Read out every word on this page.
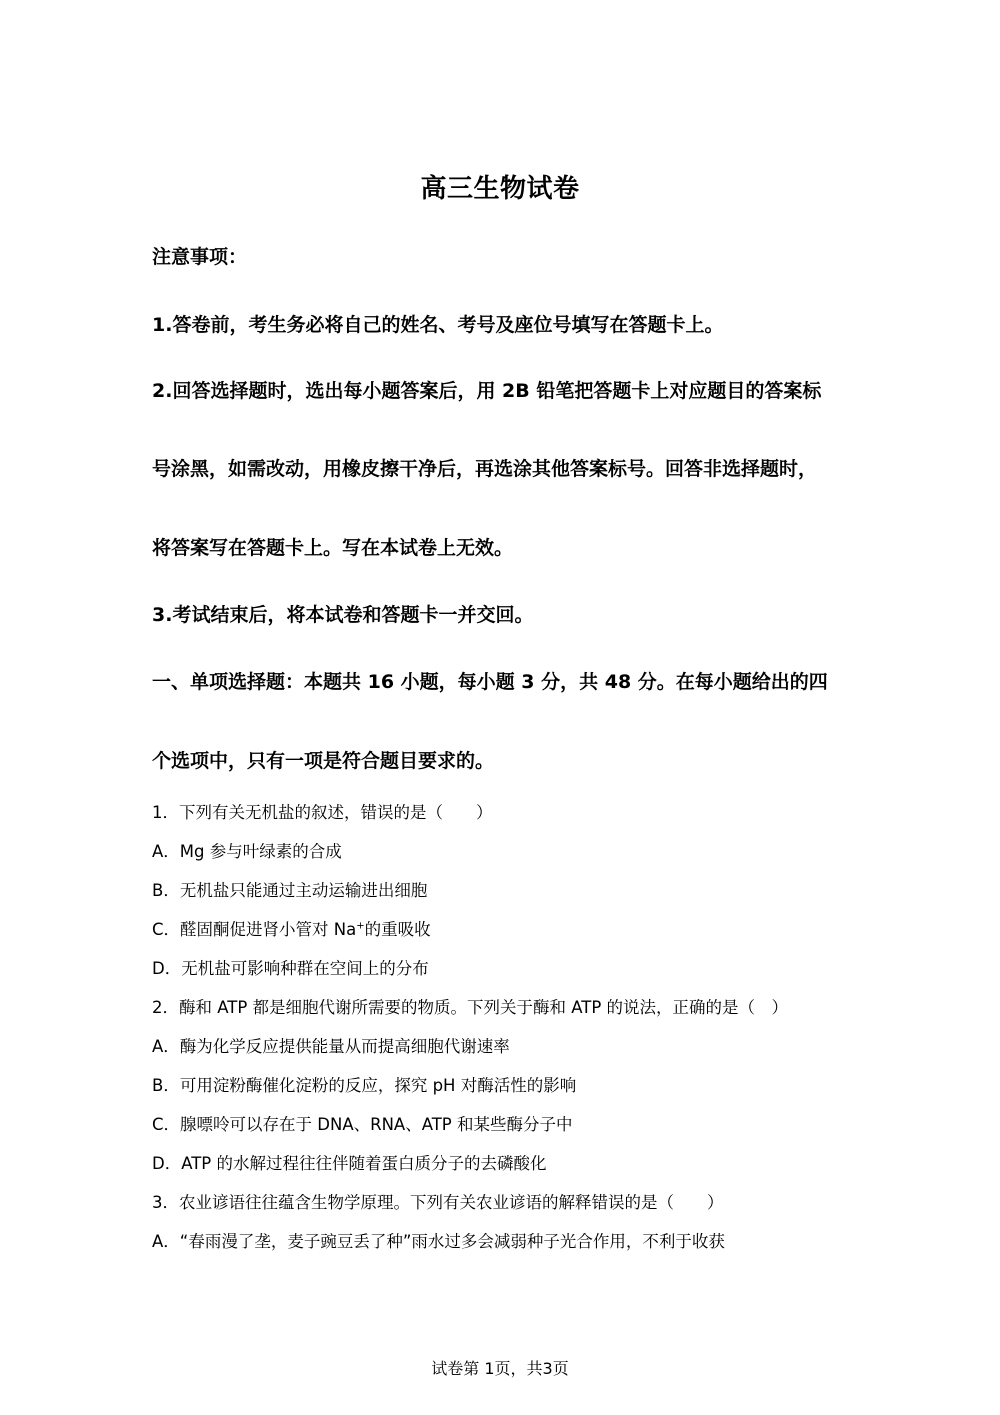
高三生物试卷
注意事项：
1.答卷前，考生务必将自己的姓名、考号及座位号填写在答题卡上。
2.回答选择题时，选出每小题答案后，用 2B 铅笔把答题卡上对应题目的答案标
号涂黑，如需改动，用橡皮擦干净后，再选涂其他答案标号。回答非选择题时，
将答案写在答题卡上。写在本试卷上无效。
3.考试结束后，将本试卷和答题卡一并交回。
一、单项选择题：本题共 16 小题，每小题 3 分，共 48 分。在每小题给出的四
个选项中，只有一项是符合题目要求的。
1．下列有关无机盐的叙述，错误的是（　　）
A．Mg 参与叶绿素的合成
B．无机盐只能通过主动运输进出细胞
C．醛固酮促进肾小管对 Na+的重吸收
D．无机盐可影响种群在空间上的分布
2．酶和 ATP 都是细胞代谢所需要的物质。下列关于酶和 ATP 的说法，正确的是（　）
A．酶为化学反应提供能量从而提高细胞代谢速率
B．可用淀粉酶催化淀粉的反应，探究 pH 对酶活性的影响
C．腺嘌呤可以存在于 DNA、RNA、ATP 和某些酶分子中
D．ATP 的水解过程往往伴随着蛋白质分子的去磷酸化
3．农业谚语往往蕴含生物学原理。下列有关农业谚语的解释错误的是（　　）
A．“春雨漫了垄，麦子豌豆丢了种”雨水过多会减弱种子光合作用，不利于收获
试卷第 1页，共3页
